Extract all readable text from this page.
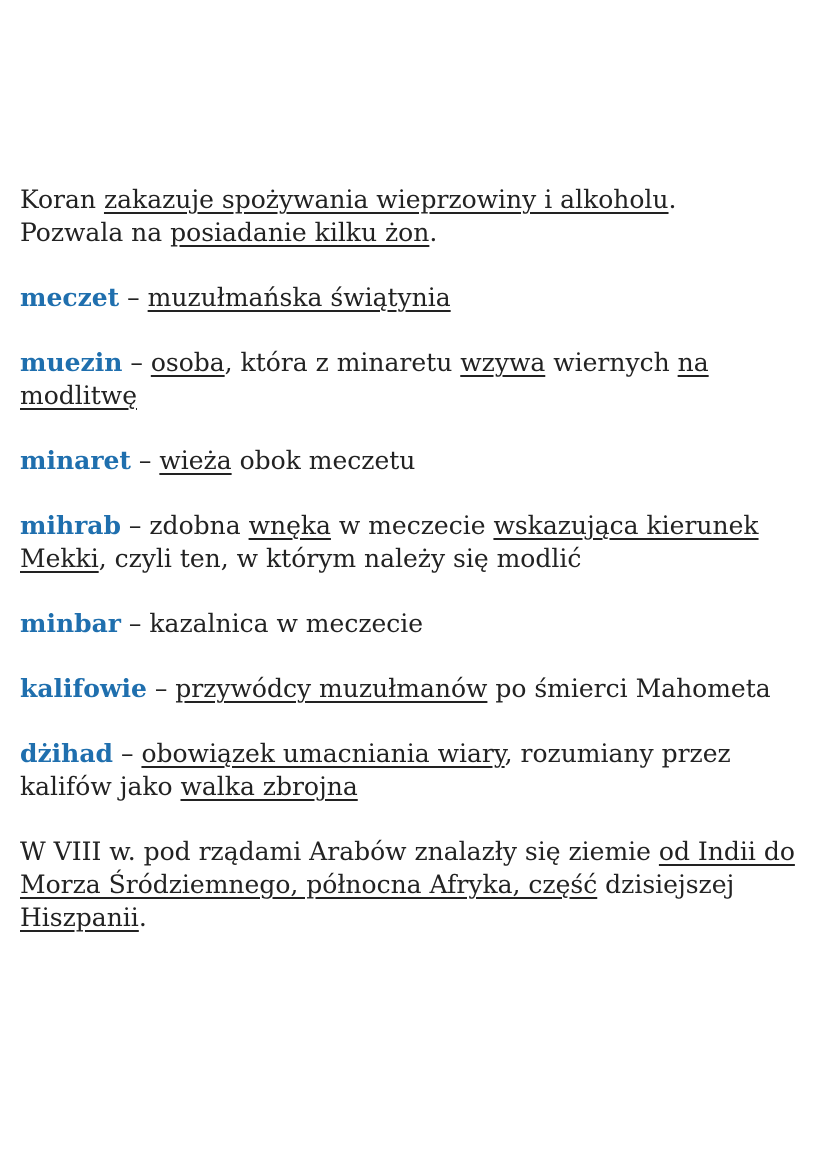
Koran zakazuje spożywania wieprzowiny i alkoholu.
Pozwala na posiadanie kilku żon.

meczet – muzułmańska świątynia

muezin – osoba, która z minaretu wzywa wiernych na modlitwę

minaret – wieża obok meczetu

mihrab – zdobna wnęka w meczecie wskazująca kierunek Mekki, czyli ten, w którym należy się modlić

minbar – kazalnica w meczecie

kalifowie – przywódcy muzułmanów po śmierci Mahometa

dżihad – obowiązek umacniania wiary, rozumiany przez kalifów jako walka zbrojna

W VIII w. pod rządami Arabów znalazły się ziemie od Indii do Morza Śródziemnego, północna Afryka, część dzisiejszej Hiszpanii.
